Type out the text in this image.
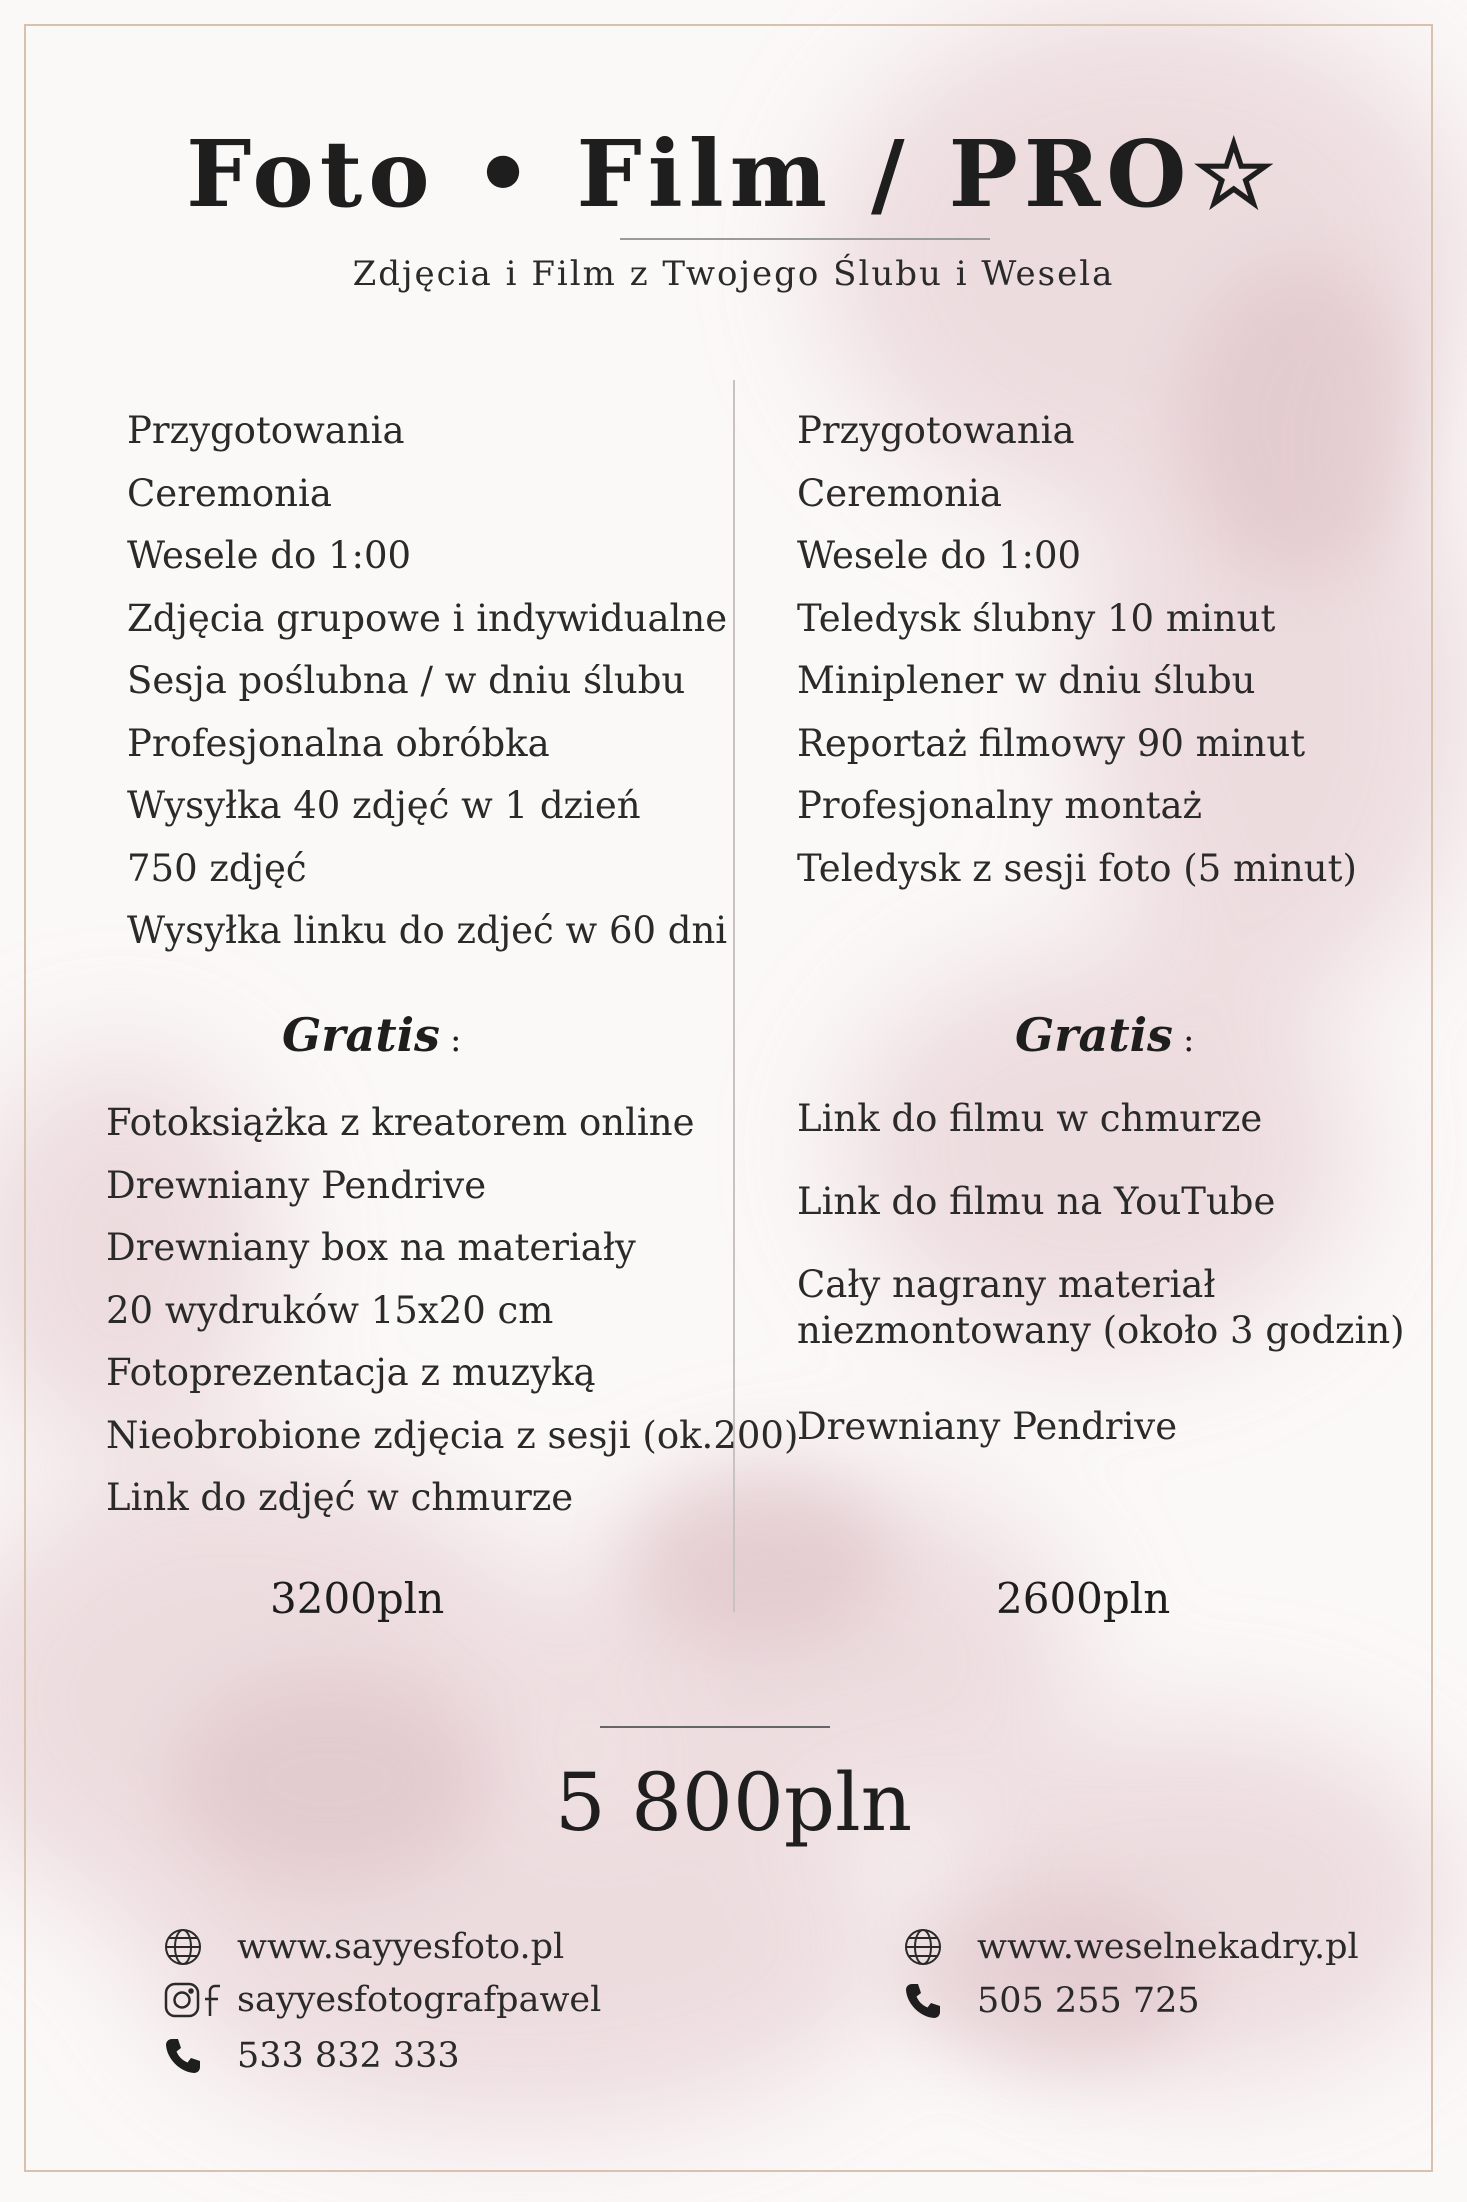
Foto • Film / PRO☆
Zdjęcia i Film z Twojego Ślubu i Wesela
Przygotowania
Ceremonia
Wesele do 1:00
Zdjęcia grupowe i indywidualne
Sesja poślubna / w dniu ślubu
Profesjonalna obróbka
Wysyłka 40 zdjęć w 1 dzień
750 zdjęć
Wysyłka linku do zdjeć w 60 dni
Gratis :
Fotoksiążka z kreatorem online
Drewniany Pendrive
Drewniany box na materiały
20 wydruków 15x20 cm
Fotoprezentacja z muzyką
Nieobrobione zdjęcia z sesji (ok.200)
Link do zdjęć w chmurze
3200pln
Przygotowania
Ceremonia
Wesele do 1:00
Teledysk ślubny 10 minut
Miniplener w dniu ślubu
Reportaż filmowy 90 minut
Profesjonalny montaż
Teledysk z sesji foto (5 minut)
Gratis :
Link do filmu w chmurze
Link do filmu na YouTube
Cały nagrany materiał
niezmontowany (około 3 godzin)
Drewniany Pendrive
2600pln
5 800pln
www.sayyesfoto.pl
sayyesfotografpawel
533 832 333
www.weselnekadry.pl
505 255 725
